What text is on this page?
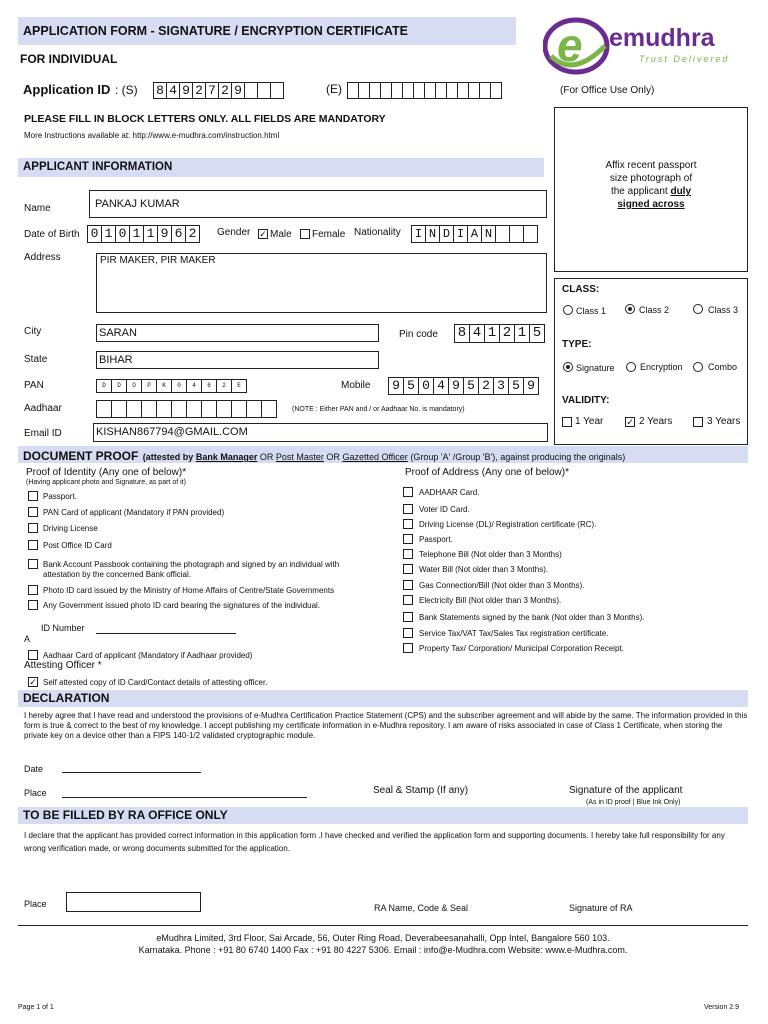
APPLICATION FORM - SIGNATURE / ENCRYPTION CERTIFICATE
FOR INDIVIDUAL	e emudhra
Trust Delivered
Application ID : (S) 8 4 9 2 7 2 9	(E)	(For Office Use Only)
PLEASE FILL IN BLOCK LETTERS ONLY. ALL FIELDS ARE MANDATORY
More Instructions available at: http://www.e-mudhra.com/instruction.html
Affix recent passport
size photograph of
the applicant duly
signed across
APPLICANT INFORMATION
Name	PANKAJ KUMAR
Date of Birth 0 1 0 1 1 9 6 2	Gender ✓ Male Female Nationality	I N D I A N
Address	PIR MAKER, PIR MAKER
City	SARAN	Pin code 8 4 1 2 1 5
State	BIHAR
PAN	D	D	O	P	K	0	4	6	2	E	Mobile	9 5 0 4 9 5 2 3 5 9
Aadhaar	(NOTE : Either PAN and / or Aadhaar No. is mandatory)
Email ID	KISHAN867794@GMAIL.COM
CLASS:
Class 1	Class 2	Class 3
TYPE:
Signature	Encryption	Combo
VALIDITY:
1 Year	✓ 2 Years	3 Years
DOCUMENT PROOF (attested by Bank Manager OR Post Master OR Gazetted Officer (Group 'A' /Group 'B'), against producing the originals)
Proof of Identity (Any one of below)*
(Having applicant photo and Signature, as part of it)
Passport.
PAN Card of applicant (Mandatory if PAN provided)
Driving License
Post Office ID Card
Bank Account Passbook containing the photograph and signed by an individual with
Photo ID card issued by the Ministry of Home Affairs of Centre/State Governments
Any Government issued photo ID card bearing the signatures of the individual.
attestation by the concerned Bank official.
ID Number
A
Aadhaar Card of applicant (Mandatory if Aadhaar provided)
Attesting Officer *
✓ Self attested copy of ID Card/Contact details of attesting officer.
Proof of Address (Any one of below)*
AADHAAR Card.
Voter ID Card.
Driving License (DL)/ Registration certificate (RC).
Passport.
Telephone Bill (Not older than 3 Months)
Water Bill (Not older than 3 Months).
Gas Connection/Bill (Not older than 3 Months).
Electricity Bill (Not older than 3 Months).
Bank Statements signed by the bank (Not older than 3 Months).
Service Tax/VAT Tax/Sales Tax registration certificate.
Property Tax/ Corporation/ Municipal Corporation Receipt.
DECLARATION
I hereby agree that I have read and understood the provisions of e-Mudhra Certification Practice Statement (CPS) and the subscriber agreement and will abide by the same. The information provided in this form is true & correct to the best of my knowledge. I accept publishing my certificate information in e-Mudhra repository. I am aware of risks associated in case of Class 1 Certificate, when storing the private key on a device other than a FIPS 140-1/2 validated cryptographic module.
Date
Place	Seal & Stamp (If any)	Signature of the applicant
(As in ID proof | Blue Ink Only)
TO BE FILLED BY RA OFFICE ONLY
I declare that the applicant has provided correct information in this application form .I have checked and verified the application form and supporting documents. I hereby take full responsibility for any wrong verification made, or wrong documents submitted for the application.
Place	RA Name, Code & Seal	Signature of RA
eMudhra Limited, 3rd Floor, Sai Arcade, 56, Outer Ring Road, Deverabeesanahalli, Opp Intel, Bangalore 560 103.
Karnataka. Phone : +91 80 6740 1400 Fax : +91 80 4227 5306. Email : info@e-Mudhra.com Website: www.e-Mudhra.com.
Page 1 of 1	Version 2.9
